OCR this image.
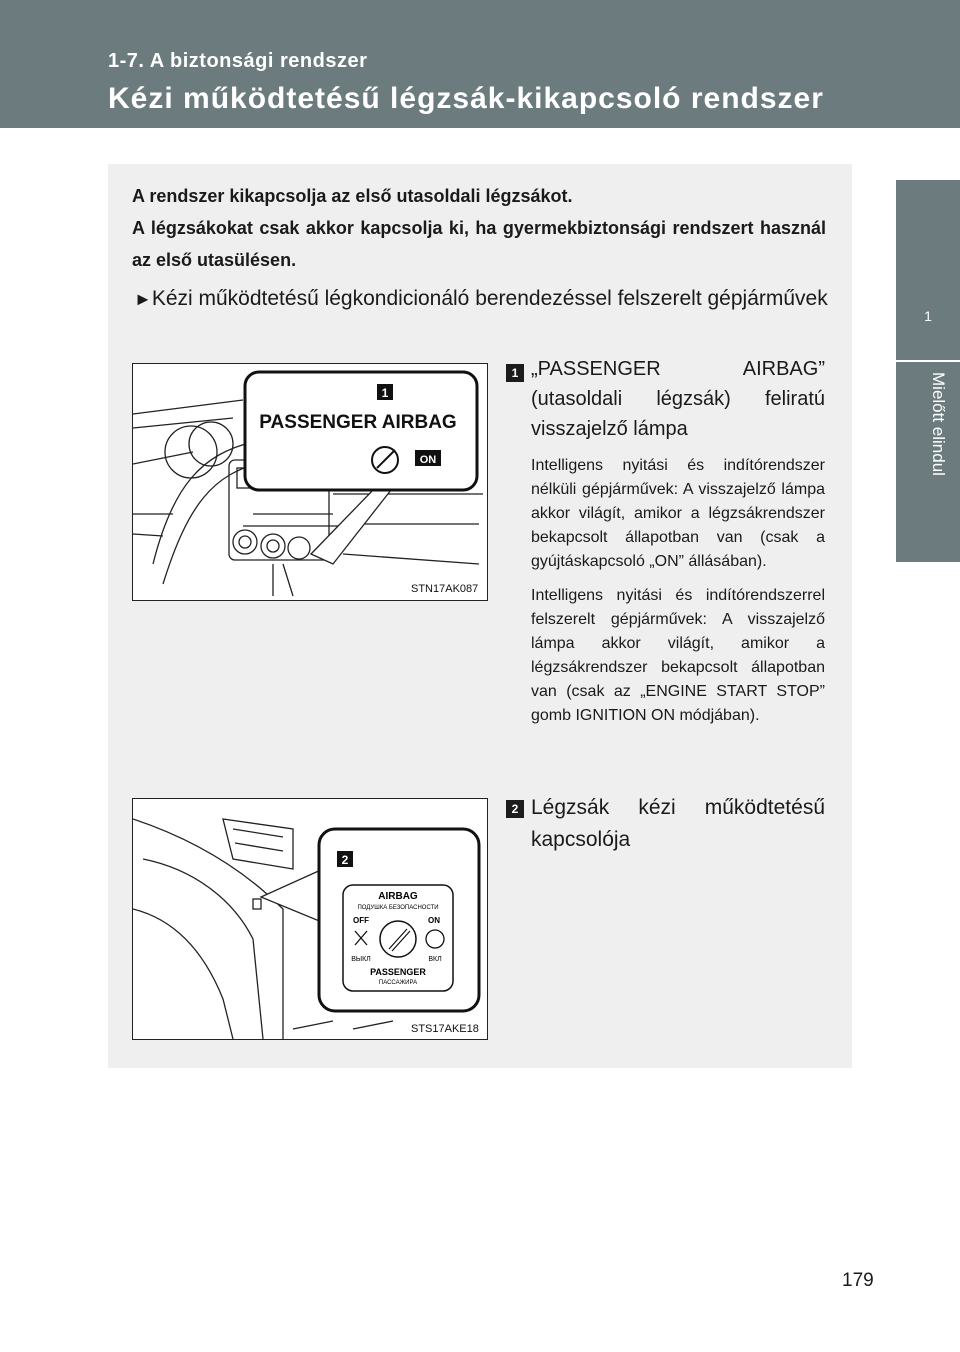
1-7. A biztonsági rendszer
Kézi működtetésű légzsák-kikapcsoló rendszer
1
Mielőtt elindul

A rendszer kikapcsolja az első utasoldali légzsákot.

A légzsákokat csak akkor kapcsolja ki, ha gyermekbiztonsági rendszert használ az első utasülésen.

►Kézi működtetésű légkondicionáló berendezéssel felszerelt gépjárművek
1
PASSENGER AIRBAG
ON
STN17AK087
2
AIRBAG
ПОДУШКА БЕЗОПАСНОСТИ
OFF	ON
ВЫКЛ	ВКЛ
PASSENGER
ПАССАЖИРА
STS17AKE18
1 „PASSENGER AIRBAG” (utasoldali légzsák) feliratú visszajelző lámpa

Intelligens nyitási és indítórendszer nélküli gépjárművek: A visszajelző lámpa akkor világít, amikor a légzsákrendszer bekapcsolt állapotban van (csak a gyújtáskapcsoló „ON” állásában).

Intelligens nyitási és indítórendszerrel felszerelt gépjárművek: A visszajelző lámpa akkor világít, amikor a légzsákrendszer bekapcsolt állapotban van (csak az „ENGINE START STOP” gomb IGNITION ON módjában).

2 Légzsák kézi működtetésű kapcsolója
179
